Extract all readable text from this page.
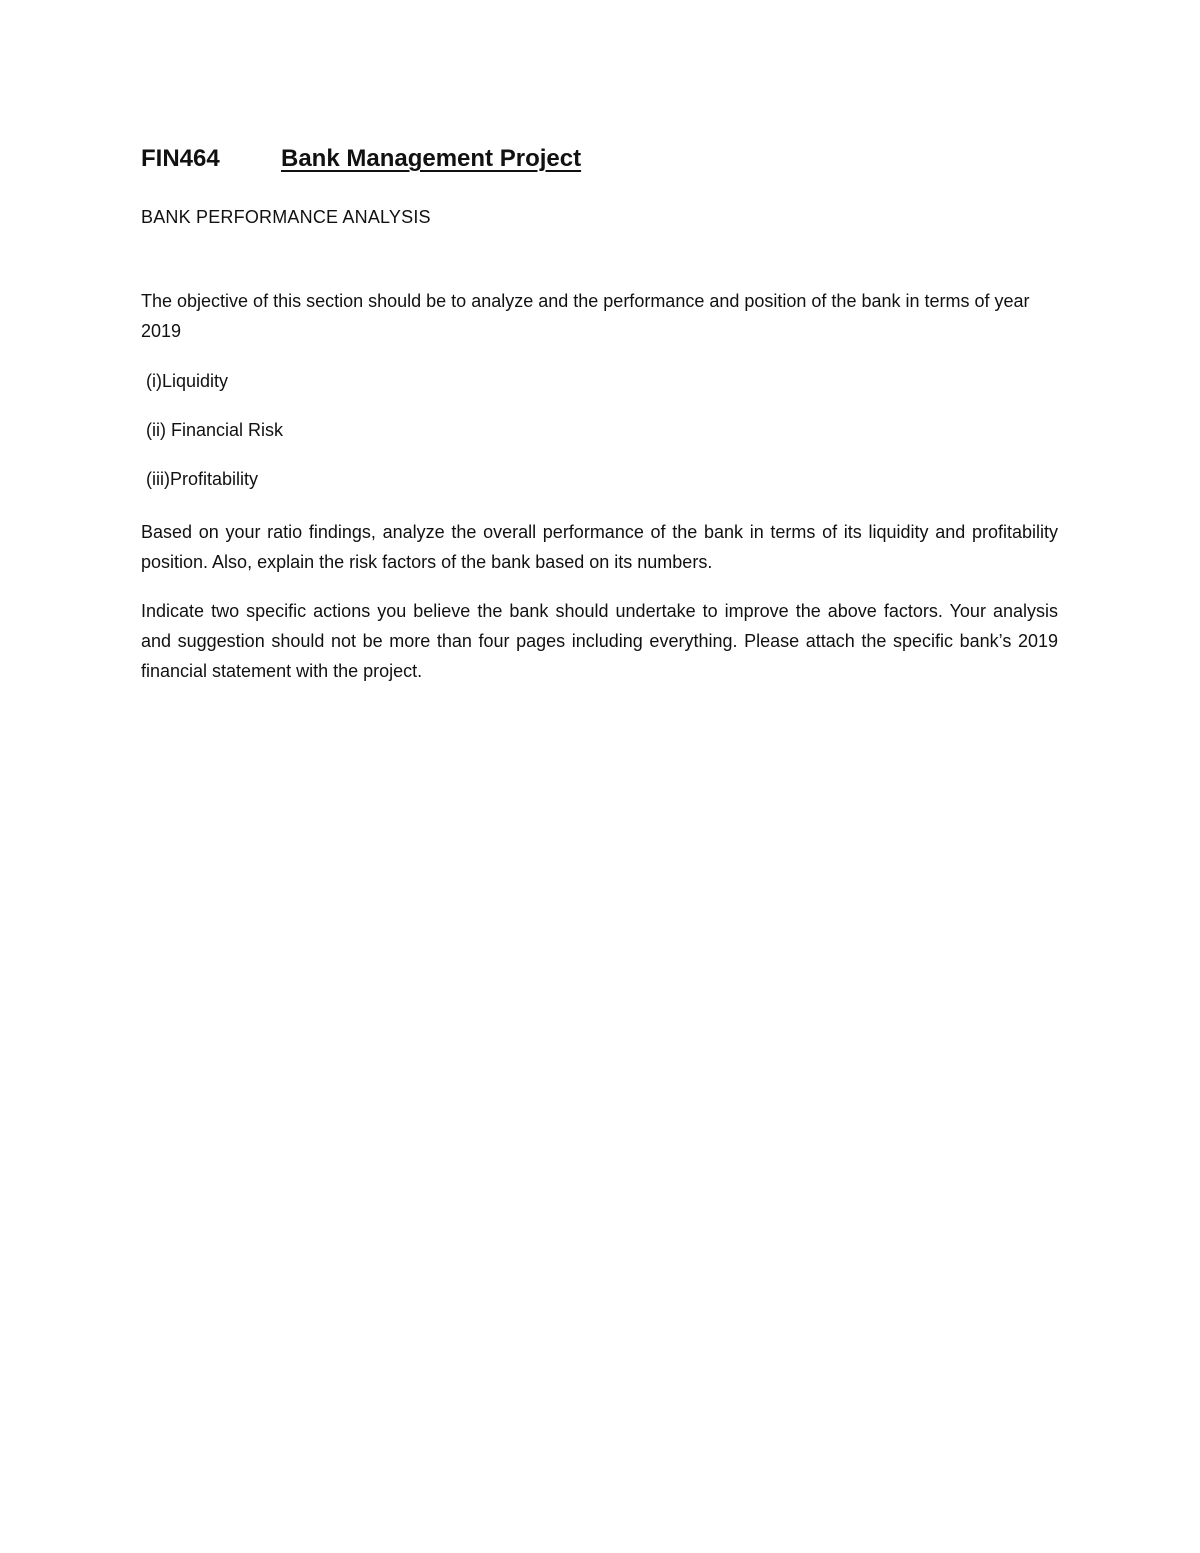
FIN464	Bank Management Project

BANK PERFORMANCE ANALYSIS

The objective of this section should be to analyze and the performance and position of the bank in terms of year 2019

(i)Liquidity

(ii) Financial Risk

(iii)Profitability

Based on your ratio findings, analyze the overall performance of the bank in terms of its liquidity and profitability position. Also, explain the risk factors of the bank based on its numbers.

Indicate two specific actions you believe the bank should undertake to improve the above factors. Your analysis and suggestion should not be more than four pages including everything. Please attach the specific bank’s 2019 financial statement with the project.
